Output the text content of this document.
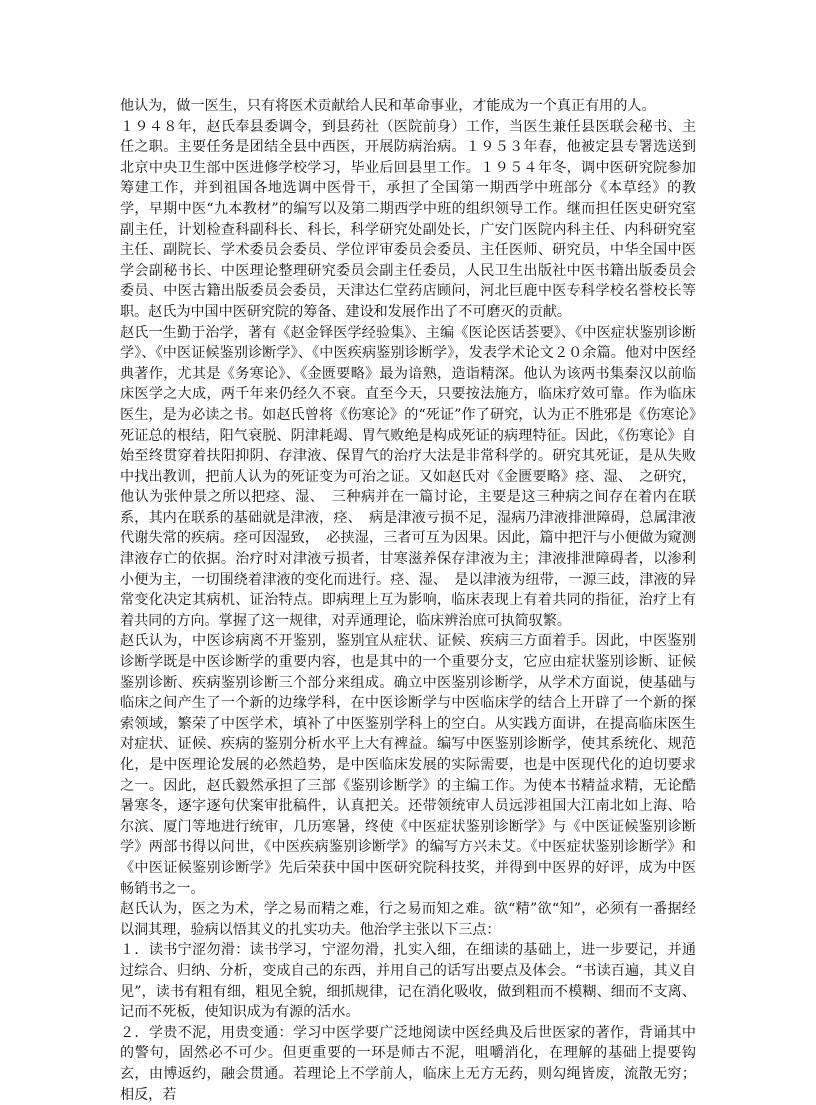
他认为，做一医生，只有将医术贡献给人民和革命事业，才能成为一个真正有用的人。

１９４８年，赵氏奉县委调令，到县药社（医院前身）工作，当医生兼任县医联会秘书、主任之职。主要任务是团结全县中西医，开展防病治病。１９５３年春，他被定县专署选送到北京中央卫生部中医进修学校学习，毕业后回县里工作。１９５４年冬，调中医研究院参加筹建工作，并到祖国各地选调中医骨干，承担了全国第一期西学中班部分《本草经》的教学，早期中医“九本教材”的编写以及第二期西学中班的组织领导工作。继而担任医史研究室副主任，计划检查科副科长、科长，科学研究处副处长，广安门医院内科主任、内科研究室主任、副院长、学术委员会委员、学位评审委员会委员、主任医师、研究员，中华全国中医学会副秘书长、中医理论整理研究委员会副主任委员，人民卫生出版社中医书籍出版委员会委员、中医古籍出版委员会委员，天津达仁堂药店顾问，河北巨鹿中医专科学校名誉校长等职。赵氏为中国中医研究院的筹备、建设和发展作出了不可磨灭的贡献。

赵氏一生勤于治学，著有《赵金铎医学经验集》、主编《医论医话荟要》、《中医症状鉴别诊断学》、《中医证候鉴别诊断学》、《中医疾病鉴别诊断学》，发表学术论文２０余篇。他对中医经典著作，尤其是《务寒论》、《金匮要略》最为谙熟，造诣精深。他认为该两书集秦汉以前临床医学之大成，两千年来仍经久不衰。直至今天，只要按法施方，临床疗效可靠。作为临床医生，是为必读之书。如赵氏曾将《伤寒论》的“死证”作了研究，认为正不胜邪是《伤寒论》死证总的根结，阳气衰脱、阴津耗竭、胃气败绝是构成死证的病理特征。因此，《伤寒论》自始至终贯穿着扶阳抑阴、存津液、保胃气的治疗大法是非常科学的。研究其死证，是从失败中找出教训，把前人认为的死证变为可治之证。又如赵氏对《金匮要略》痉、湿、　之研究，他认为张仲景之所以把痉、湿、　三种病并在一篇讨论，主要是这三种病之间存在着内在联系，其内在联系的基础就是津液，痉、　病是津液亏损不足，湿病乃津液排泄障碍，总属津液代谢失常的疾病。痉可因湿致，　必挟湿，三者可互为因果。因此，篇中把汗与小便做为窥测津液存亡的依据。治疗时对津液亏损者，甘寒滋养保存津液为主；津液排泄障碍者，以渗利小便为主，一切围绕着津液的变化而进行。痉、湿、　是以津液为纽带，一源三歧，津液的异常变化决定其病机、证治特点。即病理上互为影响，临床表现上有着共同的指征，治疗上有着共同的方向。掌握了这一规律，对弄通理论，临床辨治庶可执简驭繁。

赵氏认为，中医诊病离不开鉴别，鉴别宜从症状、证候、疾病三方面着手。因此，中医鉴别诊断学既是中医诊断学的重要内容，也是其中的一个重要分支，它应由症状鉴别诊断、证候鉴别诊断、疾病鉴别诊断三个部分来组成。确立中医鉴别诊断学，从学术方面说，使基础与临床之间产生了一个新的边缘学科，在中医诊断学与中医临床学的结合上开辟了一个新的探索领域，繁荣了中医学术，填补了中医鉴别学科上的空白。从实践方面讲，在提高临床医生对症状、证候、疾病的鉴别分析水平上大有裨益。编写中医鉴别诊断学，使其系统化、规范化，是中医理论发展的必然趋势，是中医临床发展的实际需要，也是中医现代化的迫切要求之一。因此，赵氏毅然承担了三部《鉴别诊断学》的主编工作。为使本书精益求精，无论酷暑寒冬，逐字逐句伏案审批稿件，认真把关。还带领统审人员远涉祖国大江南北如上海、哈尔滨、厦门等地进行统审，几历寒暑，终使《中医症状鉴别诊断学》与《中医证候鉴别诊断学》两部书得以问世，《中医疾病鉴别诊断学》的编写方兴未艾。《中医症状鉴别诊断学》和《中医证候鉴别诊断学》先后荣获中国中医研究院科技奖，并得到中医界的好评，成为中医畅销书之一。

赵氏认为，医之为术，学之易而精之难，行之易而知之难。欲“精”欲“知”，必须有一番据经以洞其理，验病以悟其义的扎实功夫。他治学主张以下三点：

１．读书宁涩勿滑：读书学习，宁涩勿滑，扎实入细，在细读的基础上，进一步要记，并通过综合、归纳、分析，变成自己的东西，并用自己的话写出要点及体会。“书读百遍，其义自见”，读书有粗有细，粗见全貌，细抓规律，记在消化吸收，做到粗而不模糊、细而不支离、记而不死板，使知识成为有源的活水。

２．学贵不泥，用贵变通：学习中医学要广泛地阅读中医经典及后世医家的著作，背诵其中的警句，固然必不可少。但更重要的一环是师古不泥，咀嚼消化，在理解的基础上提要钩玄，由博返约，融会贯通。若理论上不学前人，临床上无方无药，则勾绳皆废，流散无穷；相反，若
